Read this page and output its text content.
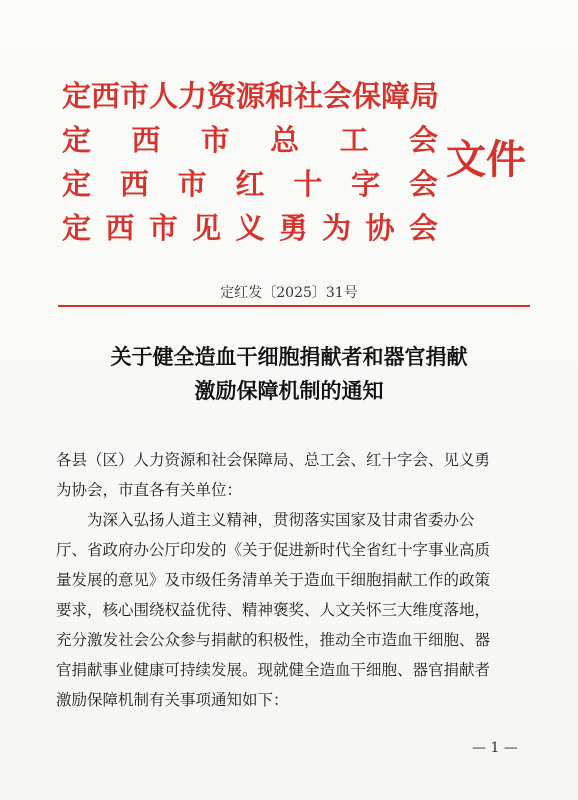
定西市人力资源和社会保障局
定 西 市 总 工 会
定 西 市 红 十 字 会
定 西 市 见 义 勇 为 协 会
文件
定红发〔2025〕31号
关于健全造血干细胞捐献者和器官捐献
激励保障机制的通知
各县（区）人力资源和社会保障局、总工会、红十字会、见义勇
为协会，市直各有关单位：
　　为深入弘扬人道主义精神，贯彻落实国家及甘肃省委办公
厅、省政府办公厅印发的《关于促进新时代全省红十字事业高质
量发展的意见》及市级任务清单关于造血干细胞捐献工作的政策
要求，核心围绕权益优待、精神褒奖、人文关怀三大维度落地，
充分激发社会公众参与捐献的积极性，推动全市造血干细胞、器
官捐献事业健康可持续发展。现就健全造血干细胞、器官捐献者
激励保障机制有关事项通知如下：
— 1 —
